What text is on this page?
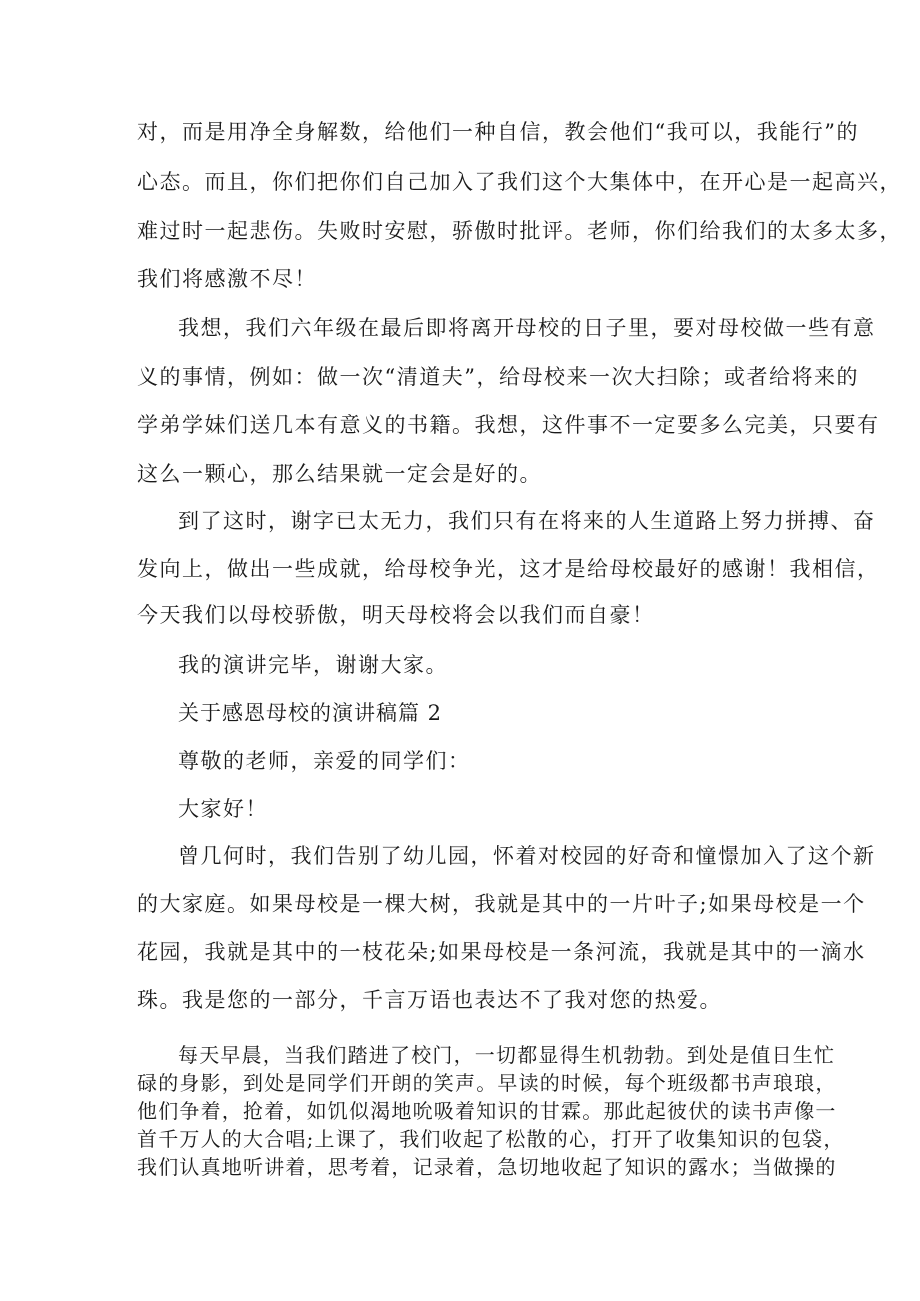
对，而是用净全身解数，给他们一种自信，教会他们“我可以，我能行”的
心态。而且，你们把你们自己加入了我们这个大集体中，在开心是一起高兴，
难过时一起悲伤。失败时安慰，骄傲时批评。老师，你们给我们的太多太多，
我们将感激不尽！
我想，我们六年级在最后即将离开母校的日子里，要对母校做一些有意
义的事情，例如：做一次“清道夫”，给母校来一次大扫除；或者给将来的
学弟学妹们送几本有意义的书籍。我想，这件事不一定要多么完美，只要有
这么一颗心，那么结果就一定会是好的。
到了这时，谢字已太无力，我们只有在将来的人生道路上努力拼搏、奋
发向上，做出一些成就，给母校争光，这才是给母校最好的感谢！我相信，
今天我们以母校骄傲，明天母校将会以我们而自豪！
我的演讲完毕，谢谢大家。
关于感恩母校的演讲稿篇 2
尊敬的老师，亲爱的同学们：
大家好！
曾几何时，我们告别了幼儿园，怀着对校园的好奇和憧憬加入了这个新
的大家庭。如果母校是一棵大树，我就是其中的一片叶子;如果母校是一个
花园，我就是其中的一枝花朵;如果母校是一条河流，我就是其中的一滴水
珠。我是您的一部分，千言万语也表达不了我对您的热爱。
每天早晨，当我们踏进了校门，一切都显得生机勃勃。到处是值日生忙
碌的身影，到处是同学们开朗的笑声。早读的时候，每个班级都书声琅琅，
他们争着，抢着，如饥似渴地吮吸着知识的甘霖。那此起彼伏的读书声像一
首千万人的大合唱;上课了，我们收起了松散的心，打开了收集知识的包袋，
我们认真地听讲着，思考着，记录着，急切地收起了知识的露水；当做操的
